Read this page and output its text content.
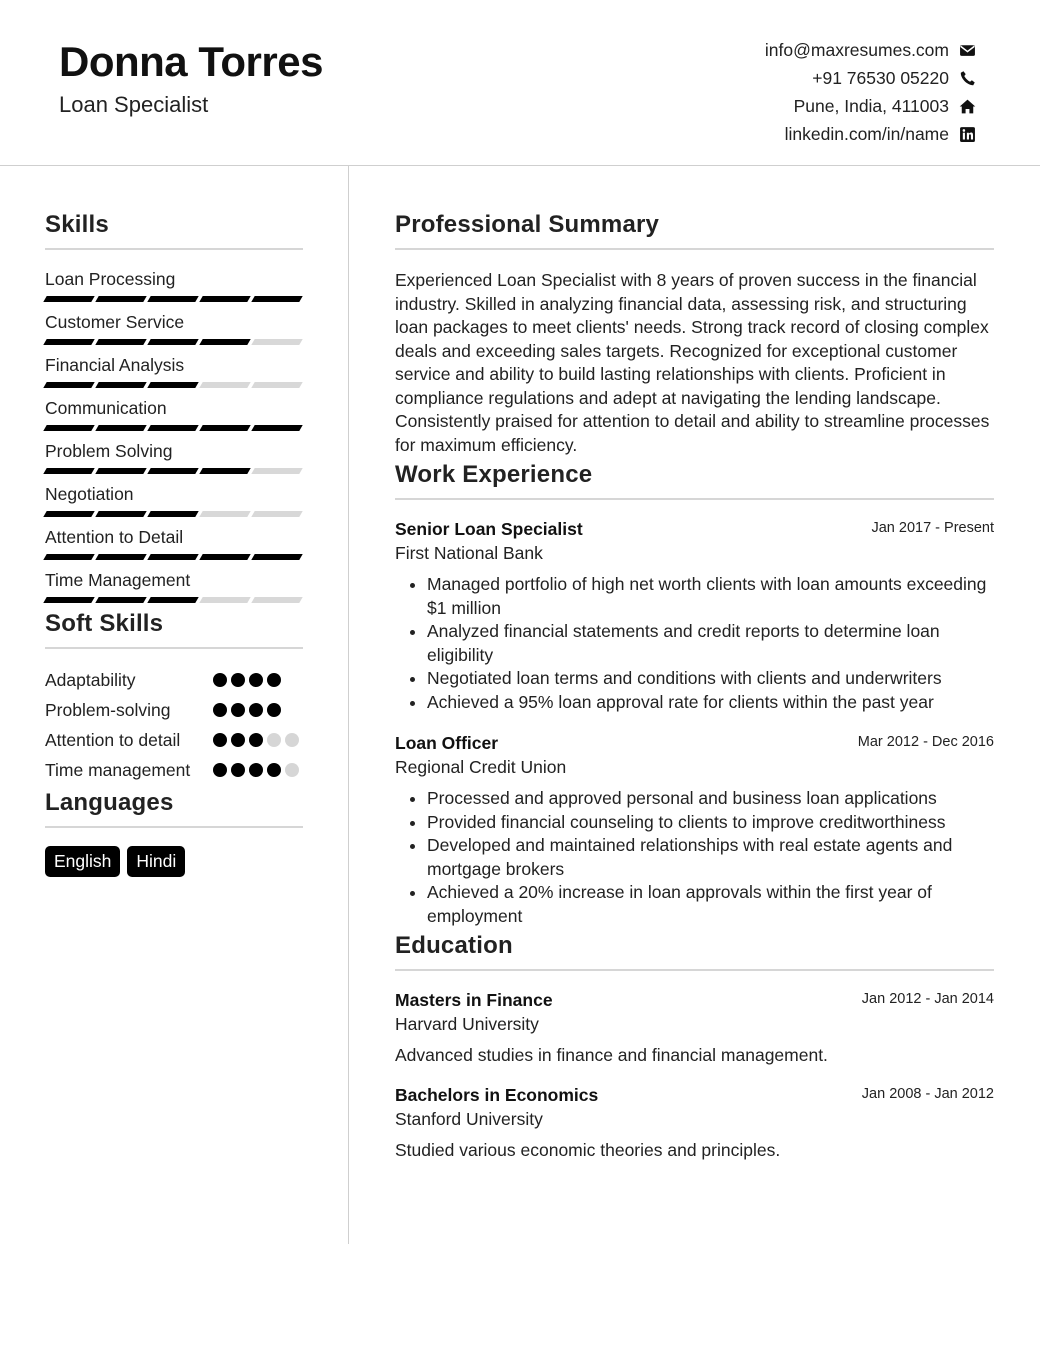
Donna Torres
Loan Specialist
info@maxresumes.com
+91 76530 05220
Pune, India, 411003
linkedin.com/in/name
Skills
Loan Processing
Customer Service
Financial Analysis
Communication
Problem Solving
Negotiation
Attention to Detail
Time Management
Soft Skills
Adaptability
Problem-solving
Attention to detail
Time management
Languages
English	Hindi
Professional Summary
Experienced Loan Specialist with 8 years of proven success in the financial industry. Skilled in analyzing financial data, assessing risk, and structuring loan packages to meet clients' needs. Strong track record of closing complex deals and exceeding sales targets. Recognized for exceptional customer service and ability to build lasting relationships with clients. Proficient in compliance regulations and adept at navigating the lending landscape. Consistently praised for attention to detail and ability to streamline processes for maximum efficiency.
Work Experience
Senior Loan Specialist	Jan 2017 - Present
First National Bank
• Managed portfolio of high net worth clients with loan amounts exceeding $1 million
• Analyzed financial statements and credit reports to determine loan eligibility
• Negotiated loan terms and conditions with clients and underwriters
• Achieved a 95% loan approval rate for clients within the past year
Loan Officer	Mar 2012 - Dec 2016
Regional Credit Union
• Processed and approved personal and business loan applications
• Provided financial counseling to clients to improve creditworthiness
• Developed and maintained relationships with real estate agents and mortgage brokers
• Achieved a 20% increase in loan approvals within the first year of employment
Education
Masters in Finance	Jan 2012 - Jan 2014
Harvard University
Advanced studies in finance and financial management.
Bachelors in Economics	Jan 2008 - Jan 2012
Stanford University
Studied various economic theories and principles.
